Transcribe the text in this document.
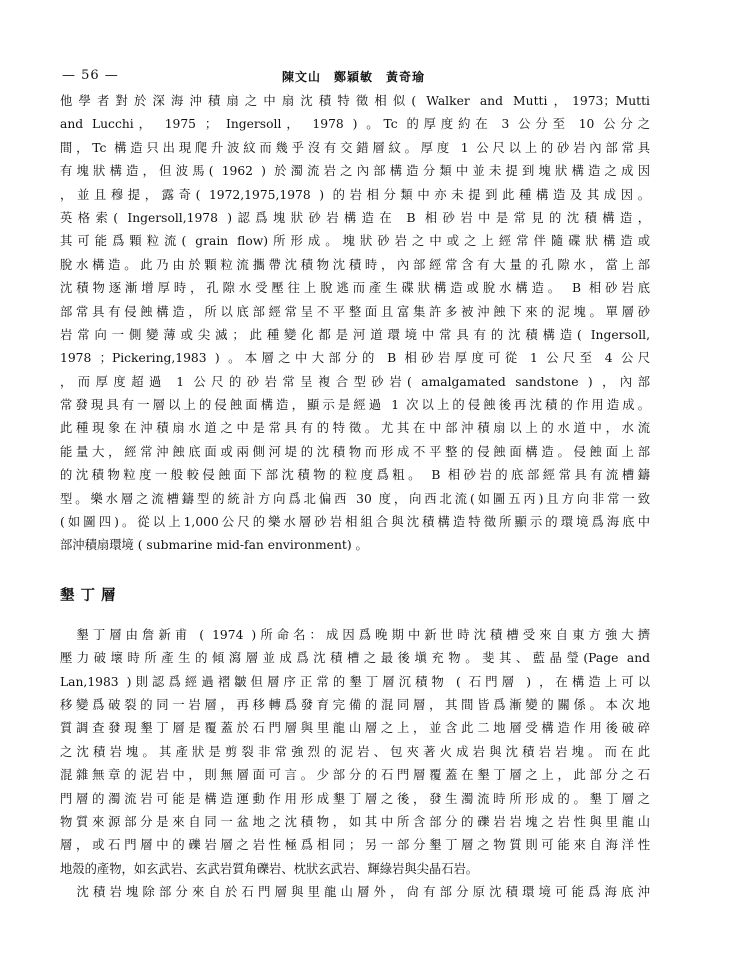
— 56 —	陳文山　鄭穎敏　黃奇瑜
他學者對於深海沖積扇之中扇沈積特徵相似( Walker and Mutti，1973；Mutti
and Lucchi， 1975 ； Ingersoll， 1978 ) 。Tc 的厚度約在 3 公分至 10 公分之
間，Tc 構造只出現爬升波紋而幾乎沒有交錯層紋。厚度 1 公尺以上的砂岩內部常具
有塊狀構造，但波馬( 1962 ) 於濁流岩之內部構造分類中並未提到塊狀構造之成因
，並且穆提，露奇( 1972,1975,1978 ) 的岩相分類中亦未提到此種構造及其成因。
英格索( Ingersoll,1978 )認爲塊狀砂岩構造在 B 相砂岩中是常見的沈積構造，
其可能爲顆粒流( grain flow)所形成。塊狀砂岩之中或之上經常伴隨碟狀構造或
脫水構造。此乃由於顆粒流攜帶沈積物沈積時，內部經常含有大量的孔隙水，當上部
沈積物逐漸增厚時，孔隙水受壓往上脫逃而產生碟狀構造或脫水構造。 B 相砂岩底
部常具有侵蝕構造，所以底部經常呈不平整面且富集許多被沖蝕下來的泥塊。單層砂
岩常向一側變薄或尖滅；此種變化都是河道環境中常具有的沈積構造( Ingersoll,
1978 ；Pickering,1983 ) 。本層之中大部分的 B 相砂岩厚度可從 1 公尺至 4 公尺
，而厚度超過 1 公尺的砂岩常呈複合型砂岩( amalgamated sandstone ) ，內部
常發現具有一層以上的侵蝕面構造，顯示是經過 1 次以上的侵蝕後再沈積的作用造成。
此種現象在沖積扇水道之中是常具有的特徵。尤其在中部沖積扇以上的水道中，水流
能量大，經常沖蝕底面或兩側河堤的沈積物而形成不平整的侵蝕面構造。侵蝕面上部
的沈積物粒度一般較侵蝕面下部沈積物的粒度爲粗。 B 相砂岩的底部經常具有流槽鑄
型。樂水層之流槽鑄型的統計方向爲北偏西 30 度，向西北流(如圖五丙)且方向非常一致
(如圖四)。從以上1,000公尺的樂水層砂岩相組合與沈積構造特徵所顯示的環境爲海底中
部沖積扇環境 ( submarine mid-fan environment) 。
墾丁層
　墾丁層由詹新甫 ( 1974 )所命名：成因爲晚期中新世時沈積槽受來自東方強大擠
壓力破壞時所產生的傾瀉層並成爲沈積槽之最後塡充物。斐其、藍晶瑩(Page and
Lan,1983 )則認爲經過褶皺但層序正常的墾丁層沉積物 ( 石門層 ) ，在構造上可以
移變爲破裂的同一岩層，再移轉爲發育完備的混同層，其間皆爲漸變的關係。本次地
質調查發現墾丁層是覆蓋於石門層與里龍山層之上，並含此二地層受構造作用後破碎
之沈積岩塊。其產狀是剪裂非常強烈的泥岩、包夾著火成岩與沈積岩岩塊。而在此
混雜無章的泥岩中，則無層面可言。少部分的石門層覆蓋在墾丁層之上，此部分之石
門層的濁流岩可能是構造運動作用形成墾丁層之後，發生濁流時所形成的。墾丁層之
物質來源部分是來自同一盆地之沈積物，如其中所含部分的礫岩岩塊之岩性與里龍山
層，或石門層中的礫岩層之岩性極爲相同；另一部分墾丁層之物質則可能來自海洋性
地殼的產物，如玄武岩、玄武岩質角礫岩、枕狀玄武岩、輝綠岩與尖晶石岩。
　沈積岩塊除部分來自於石門層與里龍山層外，尙有部分原沈積環境可能爲海底沖
